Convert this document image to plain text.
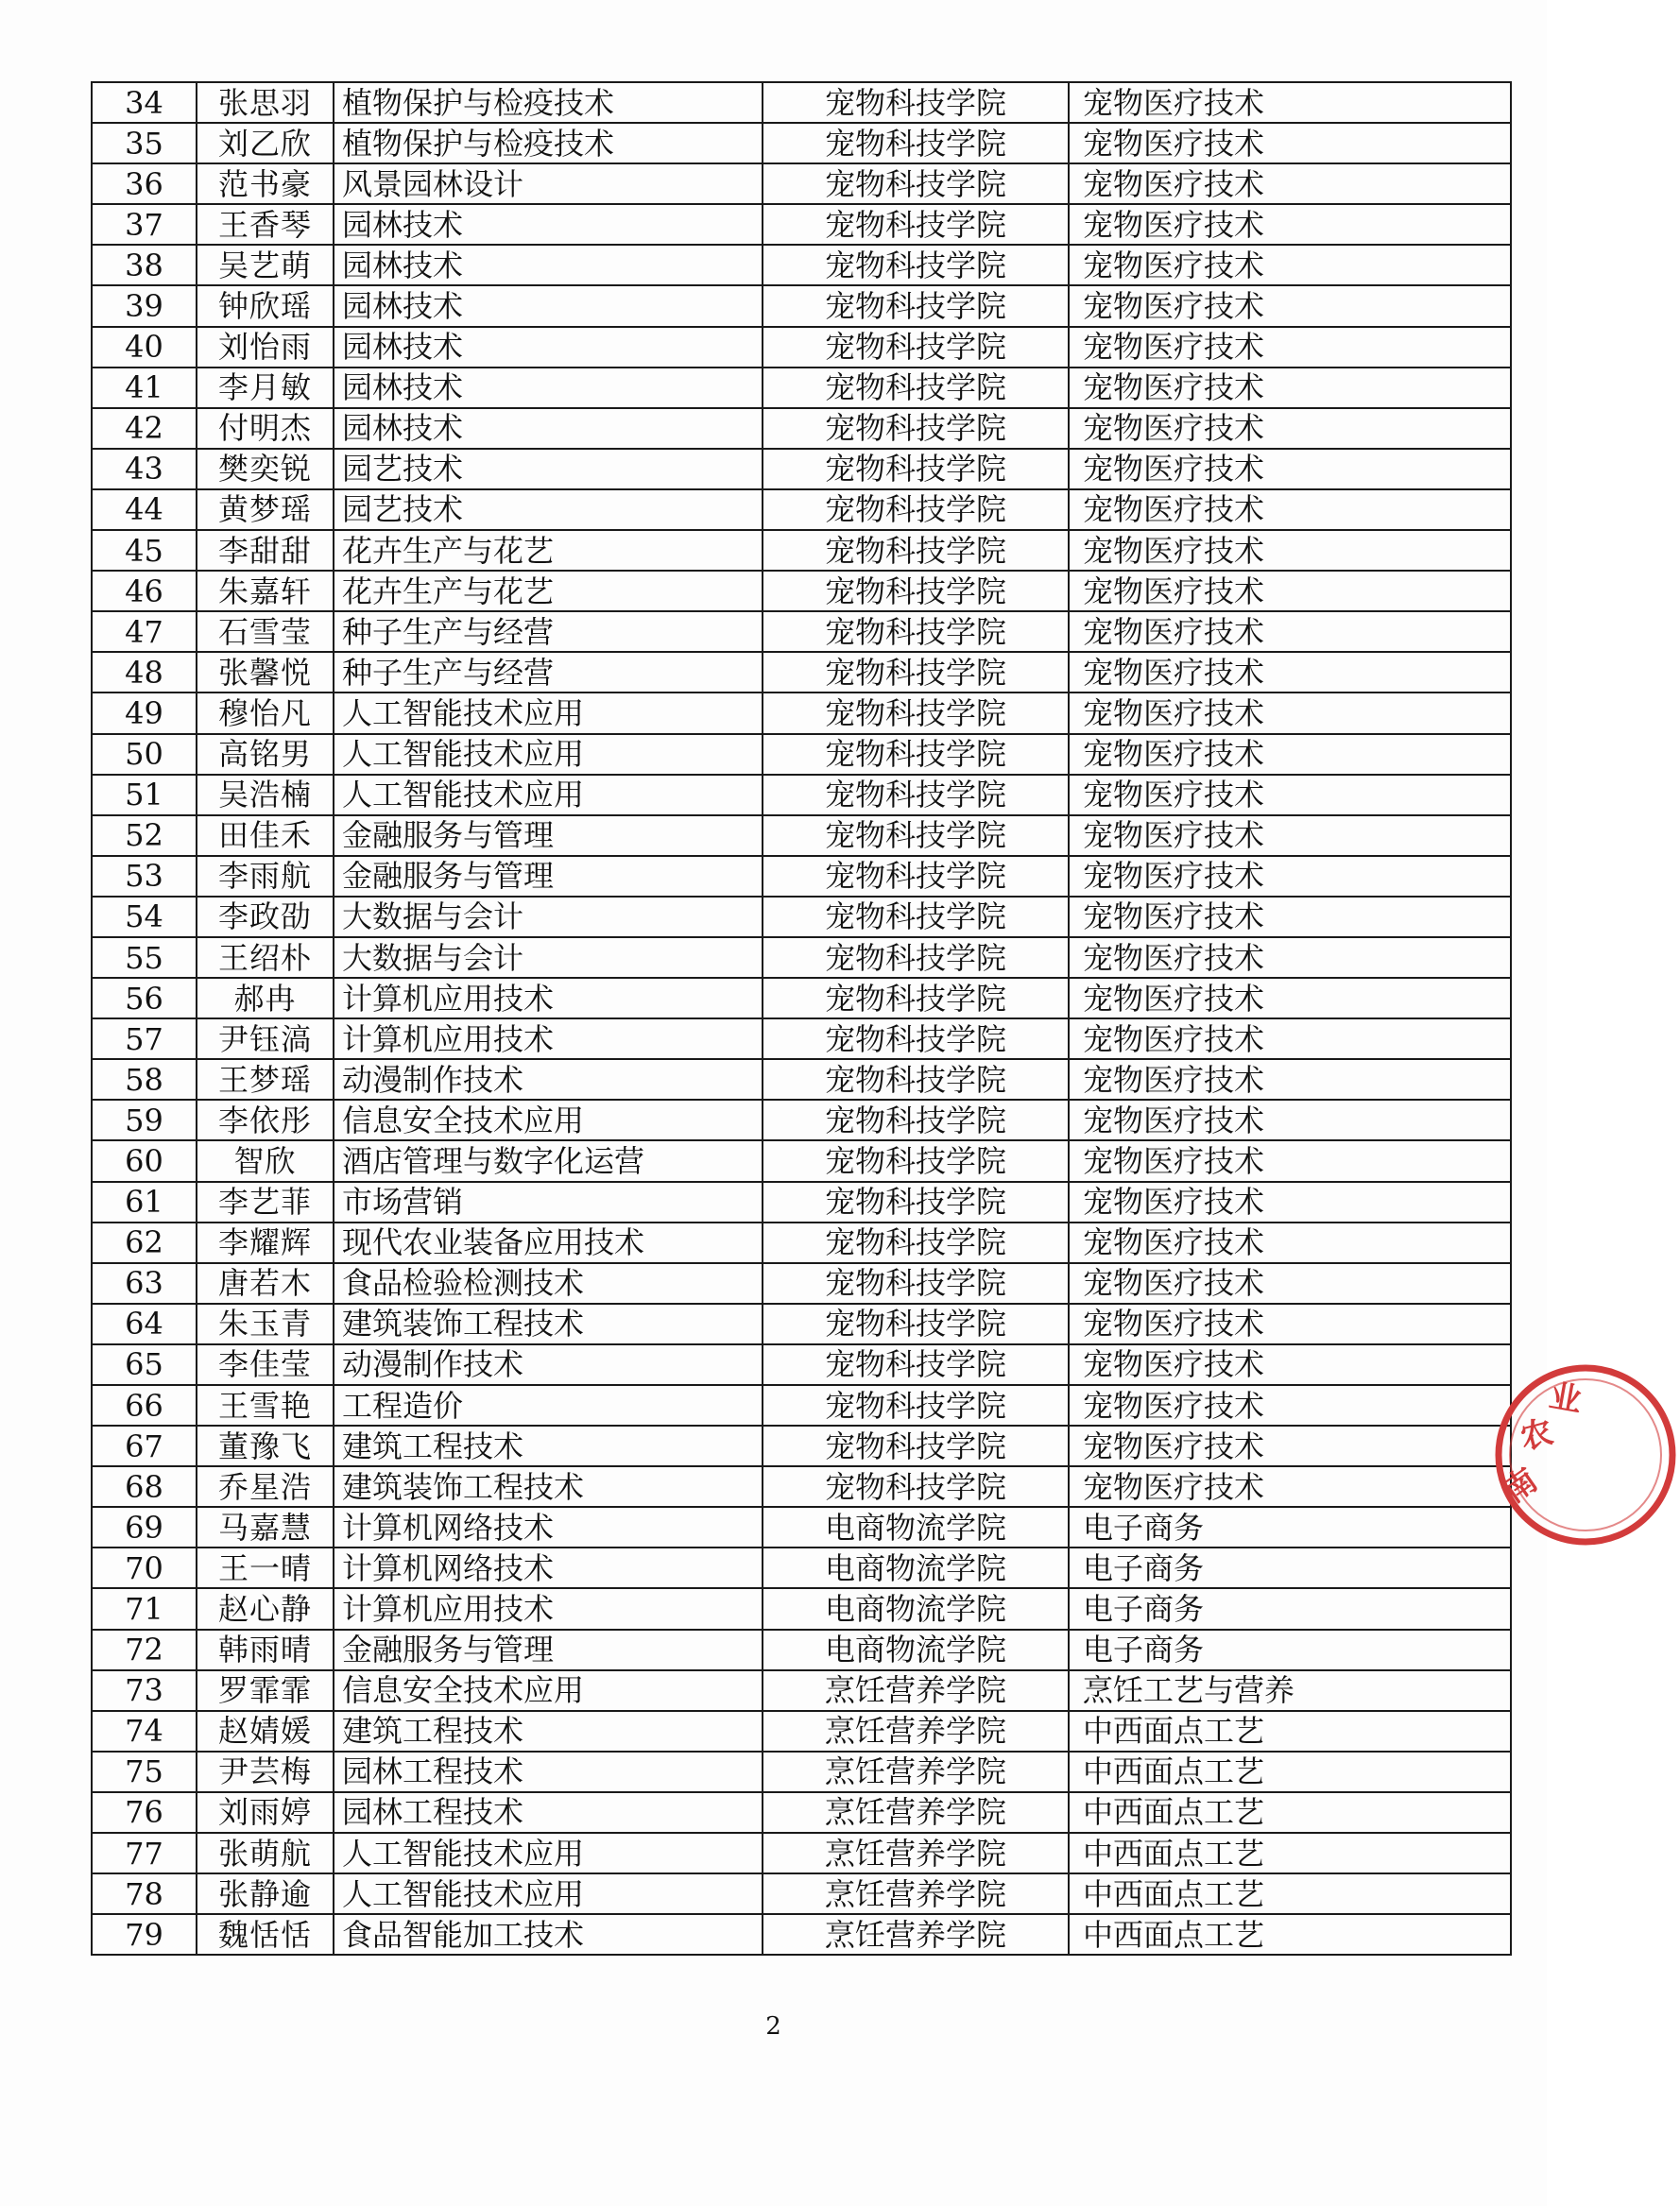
34	张思羽	植物保护与检疫技术	宠物科技学院	宠物医疗技术
35	刘乙欣	植物保护与检疫技术	宠物科技学院	宠物医疗技术
36	范书豪	风景园林设计	宠物科技学院	宠物医疗技术
37	王香琴	园林技术	宠物科技学院	宠物医疗技术
38	吴艺萌	园林技术	宠物科技学院	宠物医疗技术
39	钟欣瑶	园林技术	宠物科技学院	宠物医疗技术
40	刘怡雨	园林技术	宠物科技学院	宠物医疗技术
41	李月敏	园林技术	宠物科技学院	宠物医疗技术
42	付明杰	园林技术	宠物科技学院	宠物医疗技术
43	樊奕锐	园艺技术	宠物科技学院	宠物医疗技术
44	黄梦瑶	园艺技术	宠物科技学院	宠物医疗技术
45	李甜甜	花卉生产与花艺	宠物科技学院	宠物医疗技术
46	朱嘉轩	花卉生产与花艺	宠物科技学院	宠物医疗技术
47	石雪莹	种子生产与经营	宠物科技学院	宠物医疗技术
48	张馨悦	种子生产与经营	宠物科技学院	宠物医疗技术
49	穆怡凡	人工智能技术应用	宠物科技学院	宠物医疗技术
50	高铭男	人工智能技术应用	宠物科技学院	宠物医疗技术
51	吴浩楠	人工智能技术应用	宠物科技学院	宠物医疗技术
52	田佳禾	金融服务与管理	宠物科技学院	宠物医疗技术
53	李雨航	金融服务与管理	宠物科技学院	宠物医疗技术
54	李政劭	大数据与会计	宠物科技学院	宠物医疗技术
55	王绍朴	大数据与会计	宠物科技学院	宠物医疗技术
56	郝冉	计算机应用技术	宠物科技学院	宠物医疗技术
57	尹钰滈	计算机应用技术	宠物科技学院	宠物医疗技术
58	王梦瑶	动漫制作技术	宠物科技学院	宠物医疗技术
59	李依彤	信息安全技术应用	宠物科技学院	宠物医疗技术
60	智欣	酒店管理与数字化运营	宠物科技学院	宠物医疗技术
61	李艺菲	市场营销	宠物科技学院	宠物医疗技术
62	李耀辉	现代农业装备应用技术	宠物科技学院	宠物医疗技术
63	唐若木	食品检验检测技术	宠物科技学院	宠物医疗技术
64	朱玉青	建筑装饰工程技术	宠物科技学院	宠物医疗技术
65	李佳莹	动漫制作技术	宠物科技学院	宠物医疗技术
66	王雪艳	工程造价	宠物科技学院	宠物医疗技术
67	董豫飞	建筑工程技术	宠物科技学院	宠物医疗技术
68	乔星浩	建筑装饰工程技术	宠物科技学院	宠物医疗技术
69	马嘉慧	计算机网络技术	电商物流学院	电子商务
70	王一晴	计算机网络技术	电商物流学院	电子商务
71	赵心静	计算机应用技术	电商物流学院	电子商务
72	韩雨晴	金融服务与管理	电商物流学院	电子商务
73	罗霏霏	信息安全技术应用	烹饪营养学院	烹饪工艺与营养
74	赵婧媛	建筑工程技术	烹饪营养学院	中西面点工艺
75	尹芸梅	园林工程技术	烹饪营养学院	中西面点工艺
76	刘雨婷	园林工程技术	烹饪营养学院	中西面点工艺
77	张萌航	人工智能技术应用	烹饪营养学院	中西面点工艺
78	张静逾	人工智能技术应用	烹饪营养学院	中西面点工艺
79	魏恬恬	食品智能加工技术	烹饪营养学院	中西面点工艺
2
南
农
业
